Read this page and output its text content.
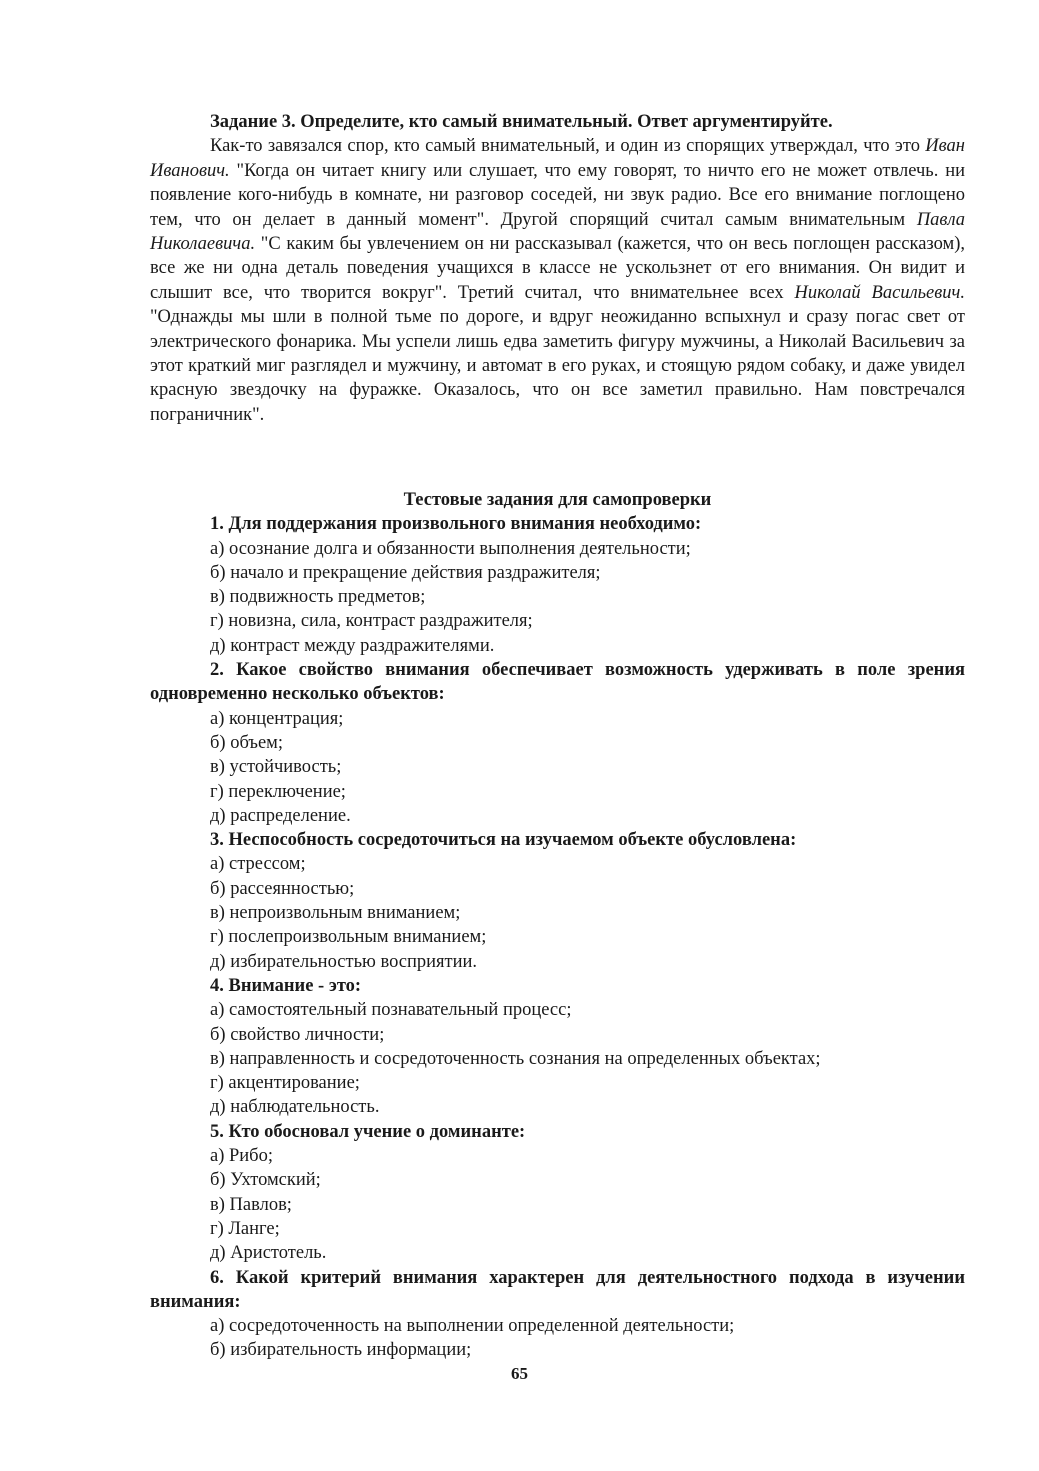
Задание 3. Определите, кто самый внимательный. Ответ аргументируйте.

Как-то завязался спор, кто самый внимательный, и один из спорящих утверждал, что это Иван Иванович. "Когда он читает книгу или слушает, что ему говорят, то ничто его не может отвлечь. ни появление кого-нибудь в комнате, ни разговор соседей, ни звук радио. Все его внимание поглощено тем, что он делает в данный момент". Другой спорящий считал самым внимательным Павла Николаевича. "С каким бы увлечением он ни рассказывал (кажется, что он весь поглощен рассказом), все же ни одна деталь поведения учащихся в классе не ускользнет от его внимания. Он видит и слышит все, что творится вокруг". Третий считал, что внимательнее всех Николай Васильевич. "Однажды мы шли в полной тьме по дороге, и вдруг неожиданно вспыхнул и сразу погас свет от электрического фонарика. Мы успели лишь едва заметить фигуру мужчины, а Николай Васильевич за этот краткий миг разглядел и мужчину, и автомат в его руках, и стоящую рядом собаку, и даже увидел красную звездочку на фуражке. Оказалось, что он все заметил правильно. Нам повстречался пограничник".

Тестовые задания для самопроверки

1. Для поддержания произвольного внимания необходимо:

а) осознание долга и обязанности выполнения деятельности;

б) начало и прекращение действия раздражителя;

в) подвижность предметов;

г) новизна, сила, контраст раздражителя;

д) контраст между раздражителями.

2. Какое свойство внимания обеспечивает возможность удерживать в поле зрения одновременно несколько объектов:

а) концентрация;

б) объем;

в) устойчивость;

г) переключение;

д) распределение.

3. Неспособность сосредоточиться на изучаемом объекте обусловлена:

а) стрессом;

б) рассеянностью;

в) непроизвольным вниманием;

г) послепроизвольным вниманием;

д) избирательностью восприятии.

4. Внимание - это:

а) самостоятельный познавательный процесс;

б) свойство личности;

в) направленность и сосредоточенность сознания на определенных объектах;

г) акцентирование;

д) наблюдательность.

5. Кто обосновал учение о доминанте:

а) Рибо;

б) Ухтомский;

в) Павлов;

г) Ланге;

д) Аристотель.

6. Какой критерий внимания характерен для деятельностного подхода в изучении внимания:

а) сосредоточенность на выполнении определенной деятельности;

б) избирательность информации;

65
